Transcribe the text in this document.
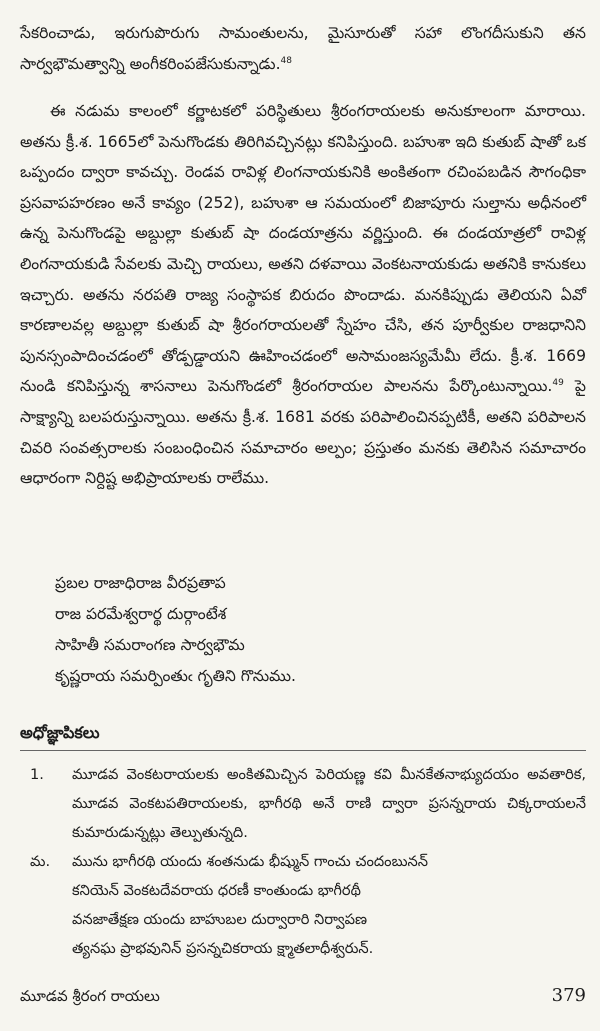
సేకరించాడు, ఇరుగుపొరుగు సామంతులను, మైసూరుతో సహా లొంగదీసుకుని తన సార్వభౌమత్వాన్ని అంగీకరింపజేసుకున్నాడు.$^{48}$

ఈ నడుమ కాలంలో కర్ణాటకలో పరిస్థితులు శ్రీరంగరాయలకు అనుకూలంగా మారాయి. అతను క్రీ.శ. 1665లో పెనుగొండకు తిరిగివచ్చినట్లు కనిపిస్తుంది. బహుశా ఇది కుతుబ్ షాతో ఒక ఒప్పందం ద్వారా కావచ్చు. రెండవ రావిళ్ల లింగనాయకునికి అంకితంగా రచింపబడిన సౌగంధికా ప్రసవాపహరణం అనే కావ్యం (252), బహుశా ఆ సమయంలో బిజాపూరు సుల్తాను అధీనంలో ఉన్న పెనుగొండపై అబ్దుల్లా కుతుబ్ షా దండయాత్రను వర్ణిస్తుంది. ఈ దండయాత్రలో రావిళ్ల లింగనాయకుడి సేవలకు మెచ్చి రాయలు, అతని దళవాయి వెంకటనాయకుడు అతనికి కానుకలు ఇచ్చారు. అతను నరపతి రాజ్య సంస్థాపక బిరుదం పొందాడు. మనకిప్పుడు తెలియని ఏవో కారణాలవల్ల అబ్దుల్లా కుతుబ్ షా శ్రీరంగరాయలతో స్నేహం చేసి, తన పూర్వీకుల రాజధానిని పునస్సంపాదించడంలో తోడ్పడ్డాయని ఊహించడంలో అసామంజస్యమేమీ లేదు. క్రీ.శ. 1669 నుండి కనిపిస్తున్న శాసనాలు పెనుగొండలో శ్రీరంగరాయల పాలనను పేర్కొంటున్నాయి.$^{49}$ పై సాక్ష్యాన్ని బలపరుస్తున్నాయి. అతను క్రీ.శ. 1681 వరకు పరిపాలించినప్పటికీ, అతని పరిపాలన చివరి సంవత్సరాలకు సంబంధించిన సమాచారం అల్పం; ప్రస్తుతం మనకు తెలిసిన సమాచారం ఆధారంగా నిర్దిష్ట అభిప్రాయాలకు రాలేము.

ప్రబల రాజాధిరాజ వీరప్రతాప
రాజ పరమేశ్వరార్థ దుర్గాంటేశ
సాహితీ సమరాంగణ సార్వభౌమ
కృష్ణరాయ సమర్పింతుఁ గృతిని గొనుము.
అధోజ్ఞాపికలు
1.	మూడవ వెంకటరాయలకు అంకితమిచ్చిన పెరియణ్ణ కవి మీనకేతనాభ్యుదయం అవతారిక, మూడవ వెంకటపతిరాయలకు, భాగీరథి అనే రాణి ద్వారా ప్రసన్నరాయ చిక్కరాయలనే కుమారుడున్నట్లు తెల్పుతున్నది.
మ.	మును భాగీరథి యందు శంతనుడు భీష్మున్ గాంచు చందంబునన్
కనియెన్ వెంకటదేవరాయ ధరణీ కాంతుండు భాగీరథీ
వనజాతేక్షణ యందు బాహుబల దుర్వారారి నిర్వాపణ
త్యనఘ ప్రాభవునిన్ ప్రసన్నచికరాయ క్ష్మాతలాధీశ్వరున్.
మూడవ శ్రీరంగ రాయలు	379
